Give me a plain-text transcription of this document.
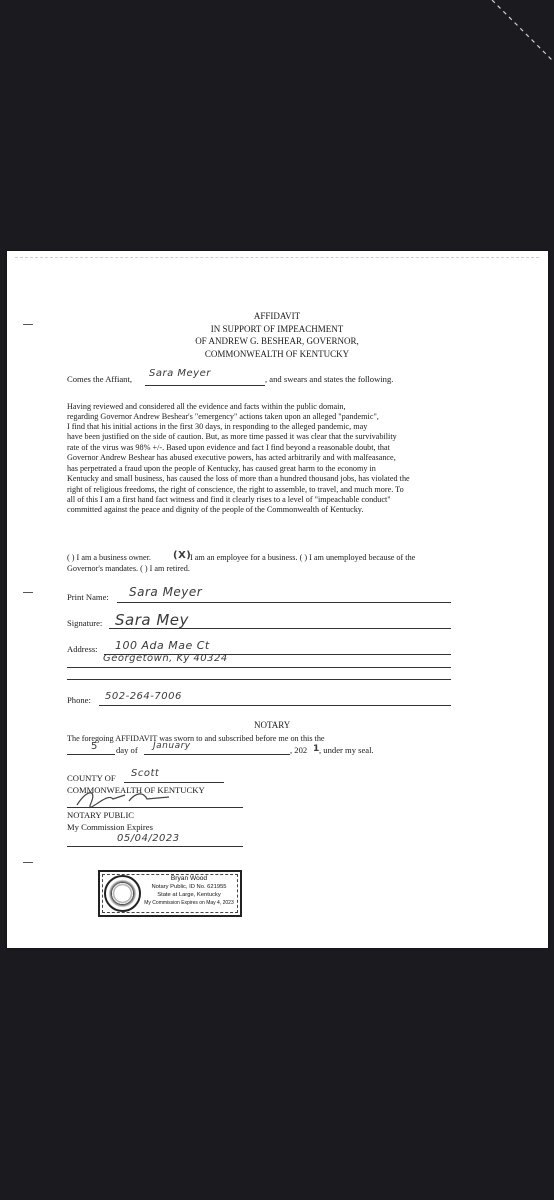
AFFIDAVIT
IN SUPPORT OF IMPEACHMENT
OF ANDREW G. BESHEAR, GOVERNOR,
COMMONWEALTH OF KENTUCKY
Comes the Affiant, Sara Meyer	, and swears and states the following.
Having reviewed and considered all the evidence and facts within the public domain,
regarding Governor Andrew Beshear's "emergency" actions taken upon an alleged "pandemic",
I find that his initial actions in the first 30 days, in responding to the alleged pandemic, may
have been justified on the side of caution. But, as more time passed it was clear that the survivability
rate of the virus was 98% +/-. Based upon evidence and fact I find beyond a reasonable doubt, that
Governor Andrew Beshear has abused executive powers, has acted arbitrarily and with malfeasance,
has perpetrated a fraud upon the people of Kentucky, has caused great harm to the economy in
Kentucky and small business, has caused the loss of more than a hundred thousand jobs, has violated the
right of religious freedoms, the right of conscience, the right to assemble, to travel, and much more. To
all of this I am a first hand fact witness and find it clearly rises to a level of "impeachable conduct"
committed against the peace and dignity of the people of the Commonwealth of Kentucky.
( ) I am a business owner. (X)
I am an employee for a business. ( ) I am unemployed because of the
Governor's mandates. ( ) I am retired.
Print Name: Sara Meyer
Signature: Sara Mey
Address: 100 Ada Mae Ct
Georgetown, Ky 40324
Phone: 502-264-7006
NOTARY
The foregoing AFFIDAVIT was sworn to and subscribed before me on this the
5 day of January	, 202 1 , under my seal.
COUNTY OF Scott
COMMONWEALTH OF KENTUCKY
NOTARY PUBLIC
My Commission Expires
05/04/2023
Bryan Wood
Notary Public, ID No. 621955
State at Large, Kentucky
My Commission Expires on May 4, 2023
